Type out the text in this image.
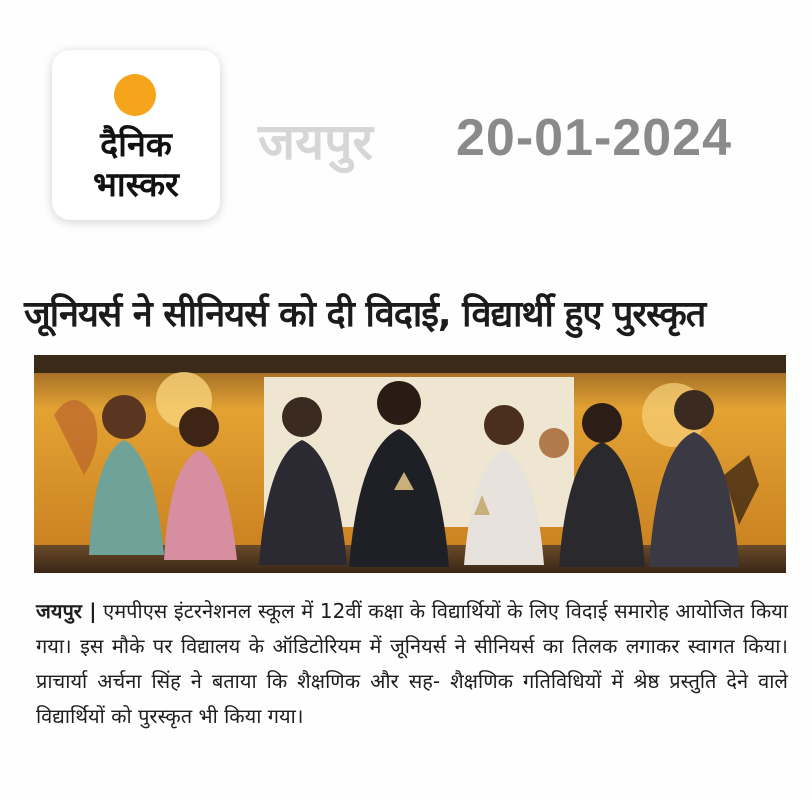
दैनिक
भास्कर
जयपुर 20-01-2024
जूनियर्स ने सीनियर्स को दी विदाई, विद्यार्थी हुए पुरस्कृत
जयपुर | एमपीएस इंटरनेशनल स्कूल में 12वीं कक्षा के विद्यार्थियों के लिए विदाई समारोह आयोजित किया गया। इस मौके पर विद्यालय के ऑडिटोरियम में जूनियर्स ने सीनियर्स का तिलक लगाकर स्वागत किया। प्राचार्या अर्चना सिंह ने बताया कि शैक्षणिक और सह- शैक्षणिक गतिविधियों में श्रेष्ठ प्रस्तुति देने वाले विद्यार्थियों को पुरस्कृत भी किया गया।
